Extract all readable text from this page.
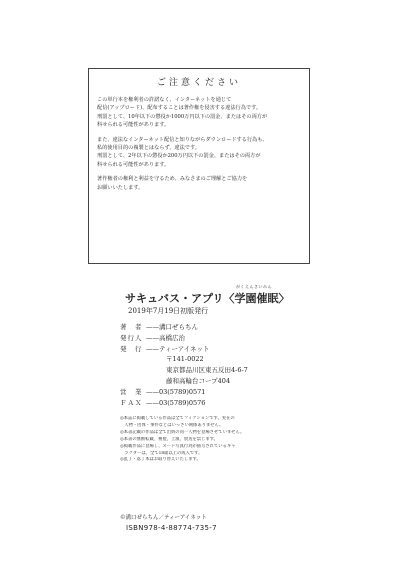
ご注意ください
この単行本を権利者の許諾なく、インターネットを通じて
配信(アップロード)、配布することは著作権を侵害する違法行為です。
刑罰として、10年以下の懲役か1000万円以下の罰金、またはその両方が
科せられる可能性があります。
また、違法なインターネット配信と知りながらダウンロードする行為も、
私的使用目的の複製とはならず、違法です。
刑罰として、2年以下の懲役か200万円以下の罰金、またはその両方が
科せられる可能性があります。
著作権者の権利と利益を守るため、みなさまのご理解とご協力を
お願いいたします。
がくえんさいみん
サキュバス・アプリ〈学園催眠〉
2019年7月19日初版発行
著　者 ——溝口ぜらちん
発行人 ——高橋広治
発　行 ——ティーアイネット
〒141-0022
東京都品川区東五反田4-6-7
藤和高輪台コープ404
営　業 ——03(5789)0571
ＦＡＸ ——03(5789)0576
◎本誌に掲載している作品は全てフィクションです。実在の
　人物・団体・事件などはいっさい関係ありません。
◎本書記載の作品は全て出典の同一人物を登場させていません。
◎本書の無断転載、複製、上演、放送を禁じます。
◎掲載作品に登場し、ヌード写真行為が描写されているキャ
　ラクターは、全て18歳以上の成人です。
◎乱丁・落丁本はお取り替えいたします。
©溝口ぜらちん／ティーアイネット
ISBN978-4-88774-735-7
